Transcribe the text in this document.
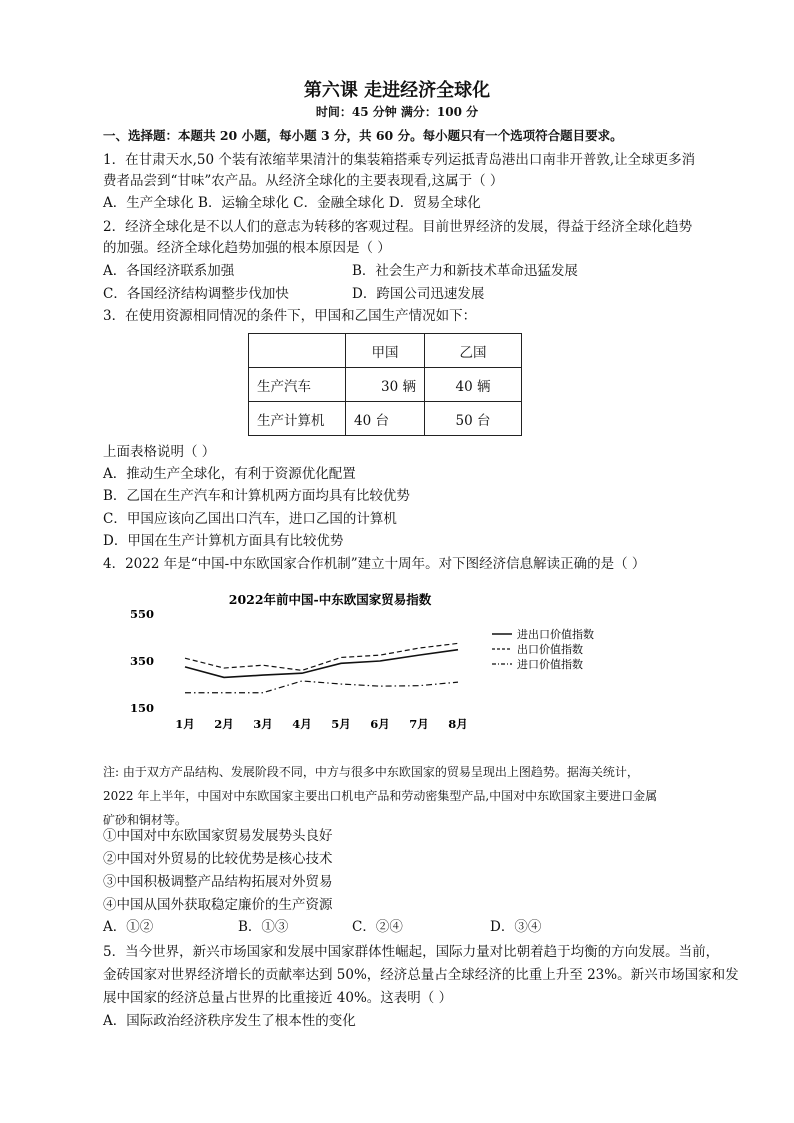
第六课 走进经济全球化
时间：45 分钟 满分：100 分
一、选择题：本题共 20 小题，每小题 3 分，共 60 分。每小题只有一个选项符合题目要求。
1．在甘肃天水,50 个装有浓缩苹果清汁的集装箱搭乘专列运抵青岛港出口南非开普敦,让全球更多消
费者品尝到“甘味”农产品。从经济全球化的主要表现看,这属于（ ）
A．生产全球化 B．运输全球化 C．金融全球化 D．贸易全球化
2．经济全球化是不以人们的意志为转移的客观过程。目前世界经济的发展，得益于经济全球化趋势
的加强。经济全球化趋势加强的根本原因是（ ）
A．各国经济联系加强	B．社会生产力和新技术革命迅猛发展
C．各国经济结构调整步伐加快	D．跨国公司迅速发展
3．在使用资源相同情况的条件下，甲国和乙国生产情况如下：
	甲国	乙国
生产汽车	30 辆	40 辆
生产计算机	40 台	50 台
上面表格说明（ ）
A．推动生产全球化，有利于资源优化配置
B．乙国在生产汽车和计算机两方面均具有比较优势
C．甲国应该向乙国出口汽车，进口乙国的计算机
D．甲国在生产计算机方面具有比较优势
4．2022 年是“中国-中东欧国家合作机制”建立十周年。对下图经济信息解读正确的是（ ）
2022年前中国-中东欧国家贸易指数
550
350
150
1月 2月 3月 4月 5月 6月 7月 8月
进出口价值指数
出口价值指数
进口价值指数
注: 由于双方产品结构、发展阶段不同，中方与很多中东欧国家的贸易呈现出上图趋势。据海关统计，
2022 年上半年，中国对中东欧国家主要出口机电产品和劳动密集型产品,中国对中东欧国家主要进口金属
矿砂和铜材等。
①中国对中东欧国家贸易发展势头良好
②中国对外贸易的比较优势是核心技术
③中国积极调整产品结构拓展对外贸易
④中国从国外获取稳定廉价的生产资源
A．①②	B．①③	C．②④	D．③④
5．当今世界，新兴市场国家和发展中国家群体性崛起，国际力量对比朝着趋于均衡的方向发展。当前，
金砖国家对世界经济增长的贡献率达到 50%，经济总量占全球经济的比重上升至 23%。新兴市场国家和发
展中国家的经济总量占世界的比重接近 40%。这表明（ ）
A．国际政治经济秩序发生了根本性的变化
